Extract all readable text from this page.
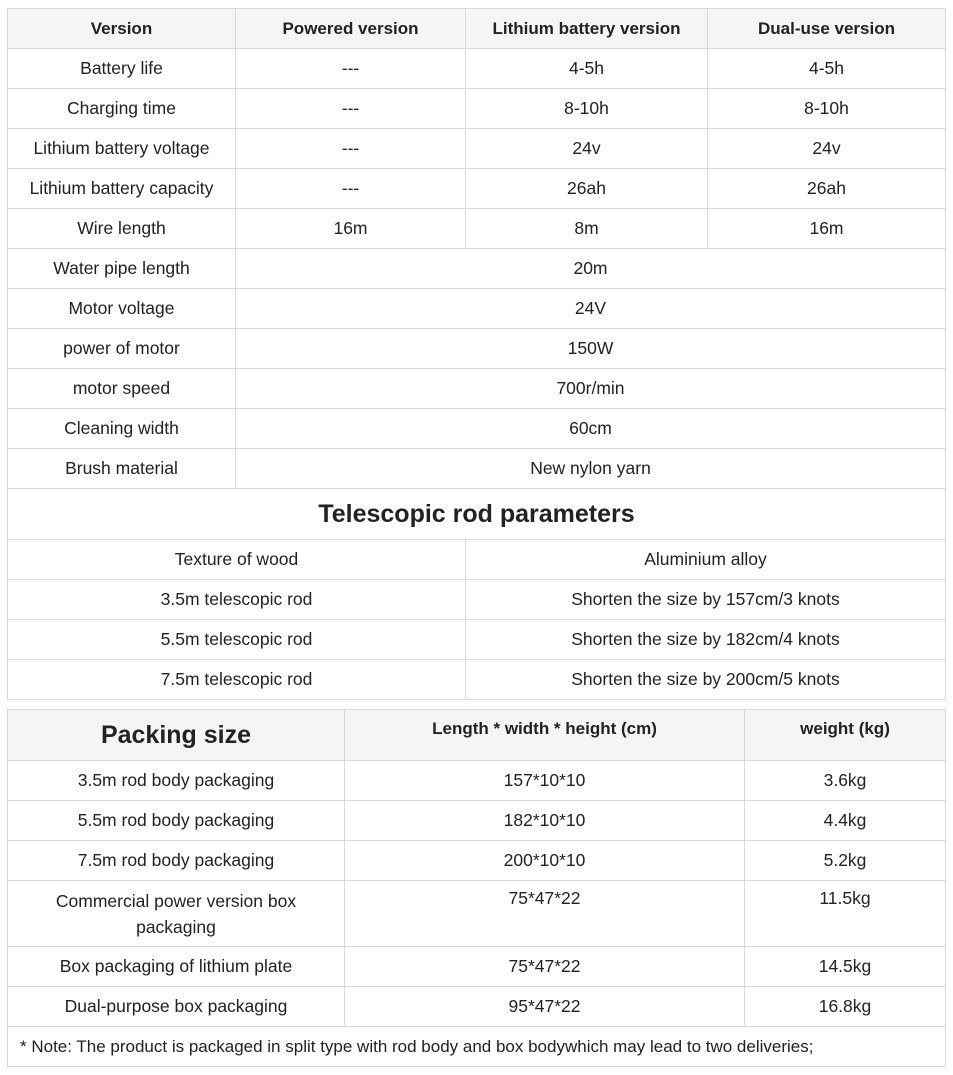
Version	Powered version	Lithium battery version	Dual-use version
Battery life	---	4-5h	4-5h
Charging time	---	8-10h	8-10h
Lithium battery voltage	---	24v	24v
Lithium battery capacity	---	26ah	26ah
Wire length	16m	8m	16m
Water pipe length	20m		
Motor voltage	24V		
power of motor	150W		
motor speed	700r/min		
Cleaning width	60cm		
Brush material	New nylon yarn		
Telescopic rod parameters			
Texture of wood		Aluminium alloy	
3.5m telescopic rod		Shorten the size by 157cm/3 knots	
5.5m telescopic rod		Shorten the size by 182cm/4 knots	
7.5m telescopic rod		Shorten the size by 200cm/5 knots	
Packing size	Length * width * height (cm)	weight (kg)
3.5m rod body packaging	157*10*10	3.6kg
5.5m rod body packaging	182*10*10	4.4kg
7.5m rod body packaging	200*10*10	5.2kg
Commercial power version box packaging	75*47*22	11.5kg
Box packaging of lithium plate	75*47*22	14.5kg
Dual-purpose box packaging	95*47*22	16.8kg
* Note: The product is packaged in split type with rod body and box bodywhich may lead to two deliveries;		
